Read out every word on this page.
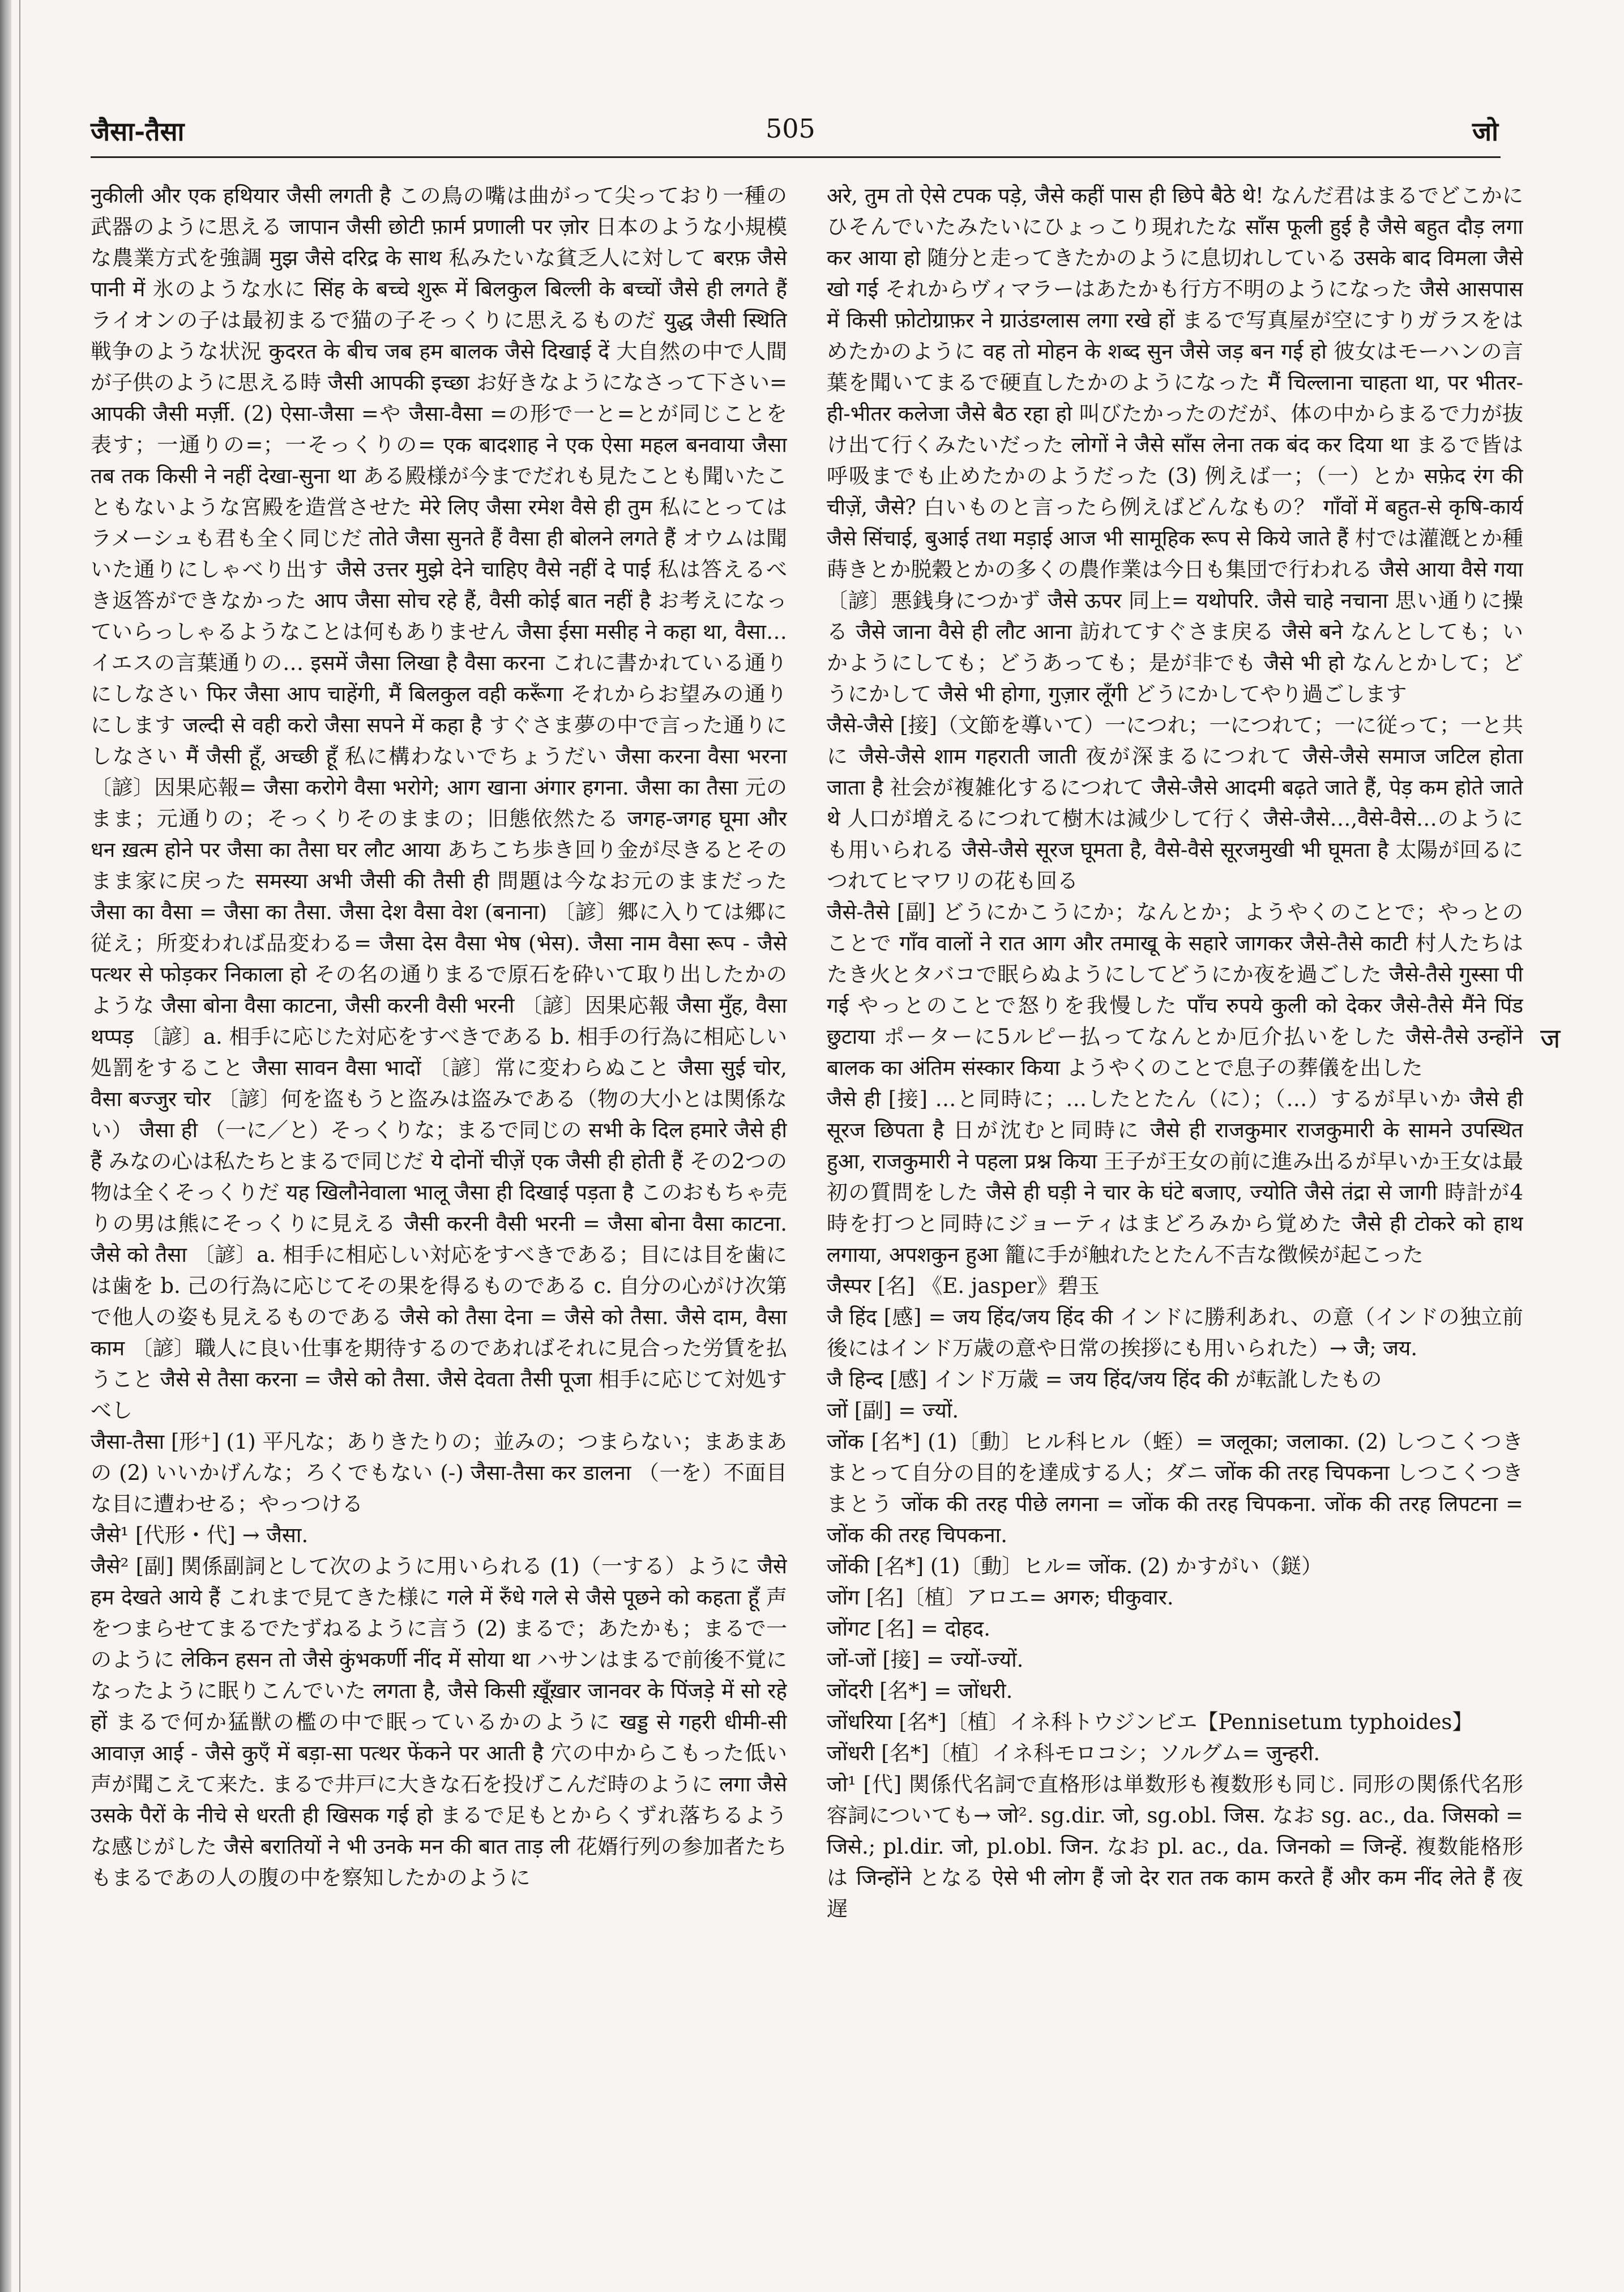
जैसा-तैसा	505	जो

नुकीली और एक हथियार जैसी लगती है この鳥の嘴は曲がって尖っており一種の武器のように思える जापान जैसी छोटी फ़ार्म प्रणाली पर ज़ोर 日本のような小規模な農業方式を強調 मुझ जैसे दरिद्र के साथ 私みたいな貧乏人に対して बरफ़ जैसे पानी में 氷のような水に सिंह के बच्चे शुरू में बिलकुल बिल्ली के बच्चों जैसे ही लगते हैं ライオンの子は最初まるで猫の子そっくりに思えるものだ युद्ध जैसी स्थिति 戦争のような状況 कुदरत के बीच जब हम बालक जैसे दिखाई दें 大自然の中で人間が子供のように思える時 जैसी आपकी इच्छा お好きなようになさって下さい= आपकी जैसी मर्ज़ी. (2) ऐसा-जैसा =や जैसा-वैसा =の形で一と=とが同じことを表す；一通りの=；一そっくりの= एक बादशाह ने एक ऐसा महल बनवाया जैसा तब तक किसी ने नहीं देखा-सुना था ある殿様が今までだれも見たことも聞いたこともないような宮殿を造営させた मेरे लिए जैसा रमेश वैसे ही तुम 私にとってはラメーシュも君も全く同じだ तोते जैसा सुनते हैं वैसा ही बोलने लगते हैं オウムは聞いた通りにしゃべり出す जैसे उत्तर मुझे देने चाहिए वैसे नहीं दे पाई 私は答えるべき返答ができなかった आप जैसा सोच रहे हैं, वैसी कोई बात नहीं है お考えになっていらっしゃるようなことは何もありません जैसा ईसा मसीह ने कहा था, वैसा…イエスの言葉通りの… इसमें जैसा लिखा है वैसा करना これに書かれている通りにしなさい फिर जैसा आप चाहेंगी, मैं बिलकुल वही करूँगा それからお望みの通りにします जल्दी से वही करो जैसा सपने में कहा है すぐさま夢の中で言った通りにしなさい मैं जैसी हूँ, अच्छी हूँ 私に構わないでちょうだい जैसा करना वैसा भरना 〔諺〕因果応報= जैसा करोगे वैसा भरोगे; आग खाना अंगार हगना. जैसा का तैसा 元のまま；元通りの；そっくりそのままの；旧態依然たる जगह-जगह घूमा और धन ख़त्म होने पर जैसा का तैसा घर लौट आया あちこち歩き回り金が尽きるとそのまま家に戻った समस्या अभी जैसी की तैसी ही 問題は今なお元のままだった जैसा का वैसा = जैसा का तैसा. जैसा देश वैसा वेश (बनाना) 〔諺〕郷に入りては郷に従え；所変われば品変わる= जैसा देस वैसा भेष (भेस). जैसा नाम वैसा रूप - जैसे पत्थर से फोड़कर निकाला हो その名の通りまるで原石を砕いて取り出したかのような जैसा बोना वैसा काटना, जैसी करनी वैसी भरनी 〔諺〕因果応報 जैसा मुँह, वैसा थप्पड़ 〔諺〕a. 相手に応じた対応をすべきである b. 相手の行為に相応しい処罰をすること जैसा सावन वैसा भादों 〔諺〕常に変わらぬこと जैसा सुई चोर, वैसा बज्जुर चोर 〔諺〕何を盗もうと盗みは盗みである（物の大小とは関係ない） जैसा ही （一に／と）そっくりな；まるで同じの सभी के दिल हमारे जैसे ही हैं みなの心は私たちとまるで同じだ ये दोनों चीज़ें एक जैसी ही होती हैं その2つの物は全くそっくりだ यह खिलौनेवाला भालू जैसा ही दिखाई पड़ता है このおもちゃ売りの男は熊にそっくりに見える जैसी करनी वैसी भरनी = जैसा बोना वैसा काटना. जैसे को तैसा 〔諺〕a. 相手に相応しい対応をすべきである；目には目を歯には歯を b. 己の行為に応じてその果を得るものである c. 自分の心がけ次第で他人の姿も見えるものである जैसे को तैसा देना = जैसे को तैसा. जैसे दाम, वैसा काम 〔諺〕職人に良い仕事を期待するのであればそれに見合った労賃を払うこと जैसे से तैसा करना = जैसे को तैसा. जैसे देवता तैसी पूजा 相手に応じて対処すべし

जैसा-तैसा [形⁺] (1) 平凡な；ありきたりの；並みの；つまらない；まあまあの (2) いいかげんな；ろくでもない (-) जैसा-तैसा कर डालना （一を）不面目な目に遭わせる；やっつける

जैसे¹ [代形・代] → जैसा.

जैसे² [副] 関係副詞として次のように用いられる (1)（一する）ように जैसे हम देखते आये हैं これまで見てきた様に गले में रुँधे गले से जैसे पूछने को कहता हूँ 声をつまらせてまるでたずねるように言う (2) まるで；あたかも；まるで一のように लेकिन हसन तो जैसे कुंभकर्णी नींद में सोया था ハサンはまるで前後不覚になったように眠りこんでいた लगता है, जैसे किसी ख़ूँख़ार जानवर के पिंजड़े में सो रहे हों まるで何か猛獣の檻の中で眠っているかのように खड्ड से गहरी धीमी-सी आवाज़ आई - जैसे कुएँ में बड़ा-सा पत्थर फेंकने पर आती है 穴の中からこもった低い声が聞こえて来た. まるで井戸に大きな石を投げこんだ時のように लगा जैसे उसके पैरों के नीचे से धरती ही खिसक गई हो まるで足もとからくずれ落ちるような感じがした जैसे बरातियों ने भी उनके मन की बात ताड़ ली 花婿行列の参加者たちもまるであの人の腹の中を察知したかのように

अरे, तुम तो ऐसे टपक पड़े, जैसे कहीं पास ही छिपे बैठे थे! なんだ君はまるでどこかにひそんでいたみたいにひょっこり現れたな साँस फूली हुई है जैसे बहुत दौड़ लगा कर आया हो 随分と走ってきたかのように息切れしている उसके बाद विमला जैसे खो गई それからヴィマラーはあたかも行方不明のようになった जैसे आसपास में किसी फ़ोटोग्राफ़र ने ग्राउंडग्लास लगा रखे हों まるで写真屋が空にすりガラスをはめたかのように वह तो मोहन के शब्द सुन जैसे जड़ बन गई हो 彼女はモーハンの言葉を聞いてまるで硬直したかのようになった मैं चिल्लाना चाहता था, पर भीतर-ही-भीतर कलेजा जैसे बैठ रहा हो 叫びたかったのだが、体の中からまるで力が抜け出て行くみたいだった लोगों ने जैसे साँस लेना तक बंद कर दिया था まるで皆は呼吸までも止めたかのようだった (3) 例えば一；（一）とか सफ़ेद रंग की चीज़ें, जैसे? 白いものと言ったら例えばどんなもの？ गाँवों में बहुत-से कृषि-कार्य जैसे सिंचाई, बुआई तथा मड़ाई आज भी सामूहिक रूप से किये जाते हैं 村では灌漑とか種蒔きとか脱穀とかの多くの農作業は今日も集団で行われる जैसे आया वैसे गया 〔諺〕悪銭身につかず जैसे ऊपर 同上= यथोपरि. जैसे चाहे नचाना 思い通りに操る जैसे जाना वैसे ही लौट आना 訪れてすぐさま戻る जैसे बने なんとしても；いかようにしても；どうあっても；是が非でも जैसे भी हो なんとかして；どうにかして जैसे भी होगा, गुज़ार लूँगी どうにかしてやり過ごします

जैसे-जैसे [接]（文節を導いて）一につれ；一につれて；一に従って；一と共に जैसे-जैसे शाम गहराती जाती 夜が深まるにつれて जैसे-जैसे समाज जटिल होता जाता है 社会が複雑化するにつれて जैसे-जैसे आदमी बढ़ते जाते हैं, पेड़ कम होते जाते थे 人口が増えるにつれて樹木は減少して行く जैसे-जैसे…,वैसे-वैसे…のようにも用いられる जैसे-जैसे सूरज घूमता है, वैसे-वैसे सूरजमुखी भी घूमता है 太陽が回るにつれてヒマワリの花も回る

जैसे-तैसे [副] どうにかこうにか；なんとか；ようやくのことで；やっとのことで गाँव वालों ने रात आग और तमाखू के सहारे जागकर जैसे-तैसे काटी 村人たちはたき火とタバコで眠らぬようにしてどうにか夜を過ごした जैसे-तैसे गुस्सा पी गई やっとのことで怒りを我慢した पाँच रुपये कुली को देकर जैसे-तैसे मैंने पिंड छुटाया ポーターに5ルピー払ってなんとか厄介払いをした जैसे-तैसे उन्होंने बालक का अंतिम संस्कार किया ようやくのことで息子の葬儀を出した

जैसे ही [接] …と同時に；…したとたん（に）；（…）するが早いか जैसे ही सूरज छिपता है 日が沈むと同時に जैसे ही राजकुमार राजकुमारी के सामने उपस्थित हुआ, राजकुमारी ने पहला प्रश्न किया 王子が王女の前に進み出るが早いか王女は最初の質問をした जैसे ही घड़ी ने चार के घंटे बजाए, ज्योति जैसे तंद्रा से जागी 時計が4時を打つと同時にジョーティはまどろみから覚めた जैसे ही टोकरे को हाथ लगाया, अपशकुन हुआ 籠に手が触れたとたん不吉な徴候が起こった

जैस्पर [名] 《E. jasper》碧玉

जै हिंद [感] = जय हिंद/जय हिंद की インドに勝利あれ、の意（インドの独立前後にはインド万歳の意や日常の挨拶にも用いられた）→ जै; जय.

जै हिन्द [感] インド万歳 = जय हिंद/जय हिंद की が転訛したもの

जों [副] = ज्यों.

जोंक [名*] (1)〔動〕ヒル科ヒル（蛭）= जलूका; जलाका. (2) しつこくつきまとって自分の目的を達成する人；ダニ जोंक की तरह चिपकना しつこくつきまとう जोंक की तरह पीछे लगना = जोंक की तरह चिपकना. जोंक की तरह लिपटना = जोंक की तरह चिपकना.

जोंकी [名*] (1)〔動〕ヒル= जोंक. (2) かすがい（鎹）

जोंग [名]〔植〕アロエ= अगरु; घीकुवार.

जोंगट [名] = दोहद.

जों-जों [接] = ज्यों-ज्यों.

जोंदरी [名*] = जोंधरी.

जोंधरिया [名*]〔植〕イネ科トウジンビエ【Pennisetum typhoides】

जोंधरी [名*]〔植〕イネ科モロコシ；ソルグム= जुन्हरी.

जो¹ [代] 関係代名詞で直格形は単数形も複数形も同じ. 同形の関係代名形容詞についても→ जो². sg.dir. जो, sg.obl. जिस. なお sg. ac., da. जिसको = जिसे.; pl.dir. जो, pl.obl. जिन. なお pl. ac., da. जिनको = जिन्हें. 複数能格形は जिन्होंने となる ऐसे भी लोग हैं जो देर रात तक काम करते हैं और कम नींद लेते हैं 夜遅

ज
